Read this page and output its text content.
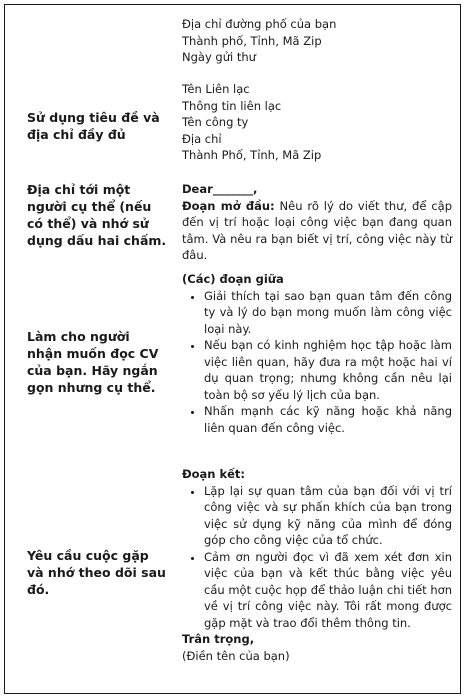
Địa chỉ đường phố của bạn

Thành phố, Tỉnh, Mã Zip

Ngày gửi thư

Sử dụng tiêu đề và địa chỉ đầy đủ

Tên Liên lạc

Thông tin liên lạc

Tên công ty

Địa chỉ

Thành Phố, Tỉnh, Mã Zip

Địa chỉ tới một người cụ thể (nếu có thể) và nhớ sử dụng dấu hai chấm.

Dear_______,

Đoạn mở đầu: Nêu rõ lý do viết thư, để cập đến vị trí hoặc loại công việc bạn đang quan tâm. Và nêu ra bạn biết vị trí, công việc này từ đâu.

Làm cho người nhận muốn đọc CV của bạn. Hãy ngắn gọn nhưng cụ thể.

(Các) đoạn giữa

• Giải thích tại sao bạn quan tâm đến công ty và lý do bạn mong muốn làm công việc loại này.
• Nếu bạn có kinh nghiệm học tập hoặc làm việc liên quan, hãy đưa ra một hoặc hai ví dụ quan trọng; nhưng không cần nêu lại toàn bộ sơ yếu lý lịch của bạn.
• Nhấn mạnh các kỹ năng hoặc khả năng liên quan đến công việc.
Yêu cầu cuộc gặp và nhớ theo dõi sau đó.

Đoạn kết:

• Lặp lại sự quan tâm của bạn đối với vị trí công việc và sự phấn khích của bạn trong việc sử dụng kỹ năng của mình để đóng góp cho công việc của tổ chức.
• Cảm ơn người đọc vì đã xem xét đơn xin việc của bạn và kết thúc bằng việc yêu cầu một cuộc họp để thảo luận chi tiết hơn về vị trí công việc này. Tôi rất mong được gặp mặt và trao đổi thêm thông tin.

Trân trọng,

(Điền tên của bạn)
